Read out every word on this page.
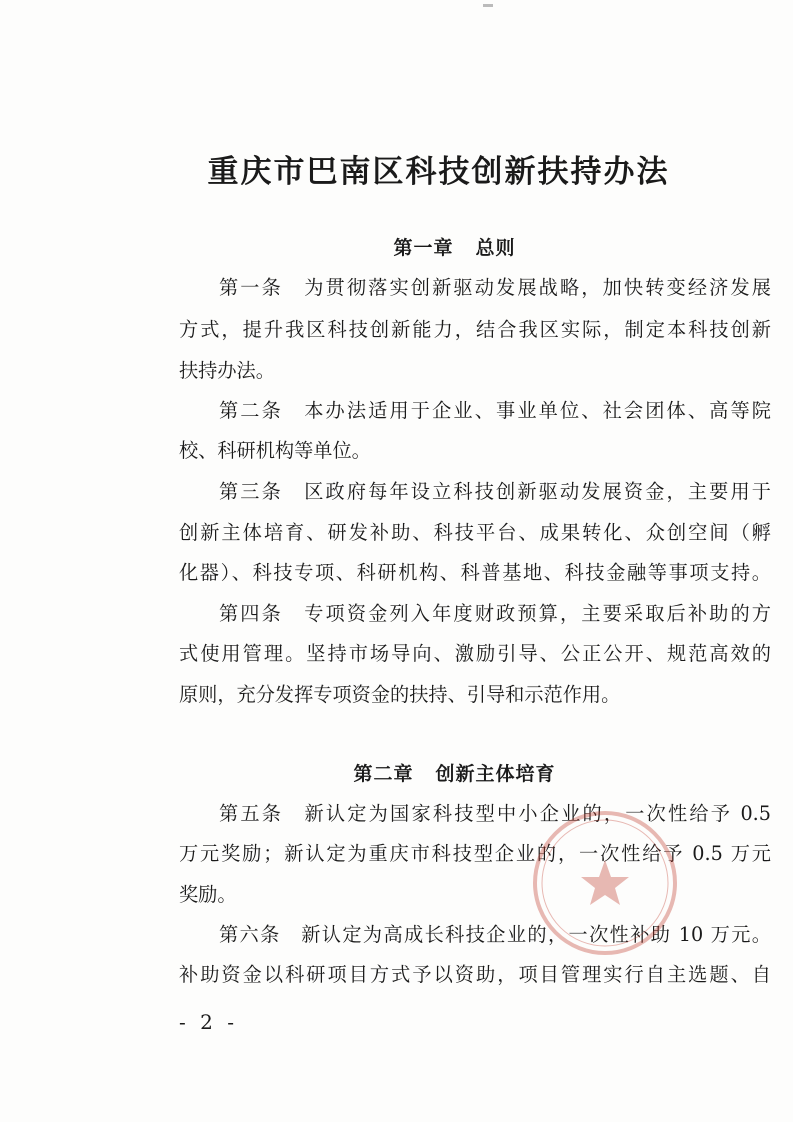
重庆市巴南区科技创新扶持办法
第一章 总则
第一条　为贯彻落实创新驱动发展战略，加快转变经济发展
方式，提升我区科技创新能力，结合我区实际，制定本科技创新
扶持办法。
第二条　本办法适用于企业、事业单位、社会团体、高等院
校、科研机构等单位。
第三条　区政府每年设立科技创新驱动发展资金，主要用于
创新主体培育、研发补助、科技平台、成果转化、众创空间（孵
化器）、科技专项、科研机构、科普基地、科技金融等事项支持。
第四条　专项资金列入年度财政预算，主要采取后补助的方
式使用管理。坚持市场导向、激励引导、公正公开、规范高效的
原则，充分发挥专项资金的扶持、引导和示范作用。
第二章 创新主体培育
第五条　新认定为国家科技型中小企业的，一次性给予 0.5
万元奖励；新认定为重庆市科技型企业的，一次性给予 0.5 万元
奖励。
第六条　新认定为高成长科技企业的，一次性补助 10 万元。
补助资金以科研项目方式予以资助，项目管理实行自主选题、自
- 2 -
